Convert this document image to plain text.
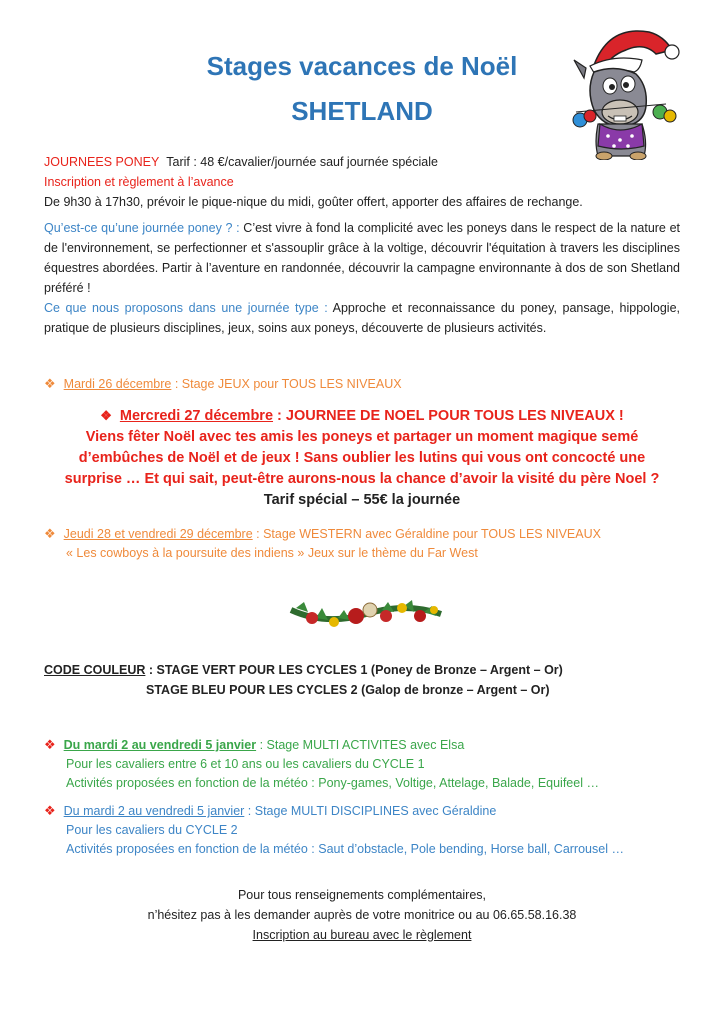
Stages vacances de Noël
SHETLAND
JOURNEES PONEY Tarif : 48 €/cavalier/journée sauf journée spéciale
Inscription et règlement à l’avance
De 9h30 à 17h30, prévoir le pique-nique du midi, goûter offert, apporter des affaires de rechange.
Qu’est-ce qu’une journée poney ? : C’est vivre à fond la complicité avec les poneys dans le respect de la nature et de l'environnement, se perfectionner et s'assouplir grâce à la voltige, découvrir l'équitation à travers les disciplines équestres abordées. Partir à l’aventure en randonnée, découvrir la campagne environnante à dos de son Shetland préféré !
Ce que nous proposons dans une journée type : Approche et reconnaissance du poney, pansage, hippologie, pratique de plusieurs disciplines, jeux, soins aux poneys, découverte de plusieurs activités.
❖ Mardi 26 décembre : Stage JEUX pour TOUS LES NIVEAUX
❖ Mercredi 27 décembre : JOURNEE DE NOEL POUR TOUS LES NIVEAUX !
Viens fêter Noël avec tes amis les poneys et partager un moment magique semé d’embûches de Noël et de jeux ! Sans oublier les lutins qui vous ont concocté une surprise … Et qui sait, peut-être aurons-nous la chance d’avoir la visité du père Noel ?
Tarif spécial – 55€ la journée
❖ Jeudi 28 et vendredi 29 décembre : Stage WESTERN avec Géraldine pour TOUS LES NIVEAUX
« Les cowboys à la poursuite des indiens » Jeux sur le thème du Far West
CODE COULEUR : STAGE VERT POUR LES CYCLES 1 (Poney de Bronze – Argent – Or)
STAGE BLEU POUR LES CYCLES 2 (Galop de bronze – Argent – Or)
❖ Du mardi 2 au vendredi 5 janvier : Stage MULTI ACTIVITES avec Elsa
Pour les cavaliers entre 6 et 10 ans ou les cavaliers du CYCLE 1
Activités proposées en fonction de la météo : Pony-games, Voltige, Attelage, Balade, Equifeel …
❖ Du mardi 2 au vendredi 5 janvier : Stage MULTI DISCIPLINES avec Géraldine
Pour les cavaliers du CYCLE 2
Activités proposées en fonction de la météo : Saut d’obstacle, Pole bending, Horse ball, Carrousel …
Pour tous renseignements complémentaires,
n’hésitez pas à les demander auprès de votre monitrice ou au 06.65.58.16.38
Inscription au bureau avec le règlement
